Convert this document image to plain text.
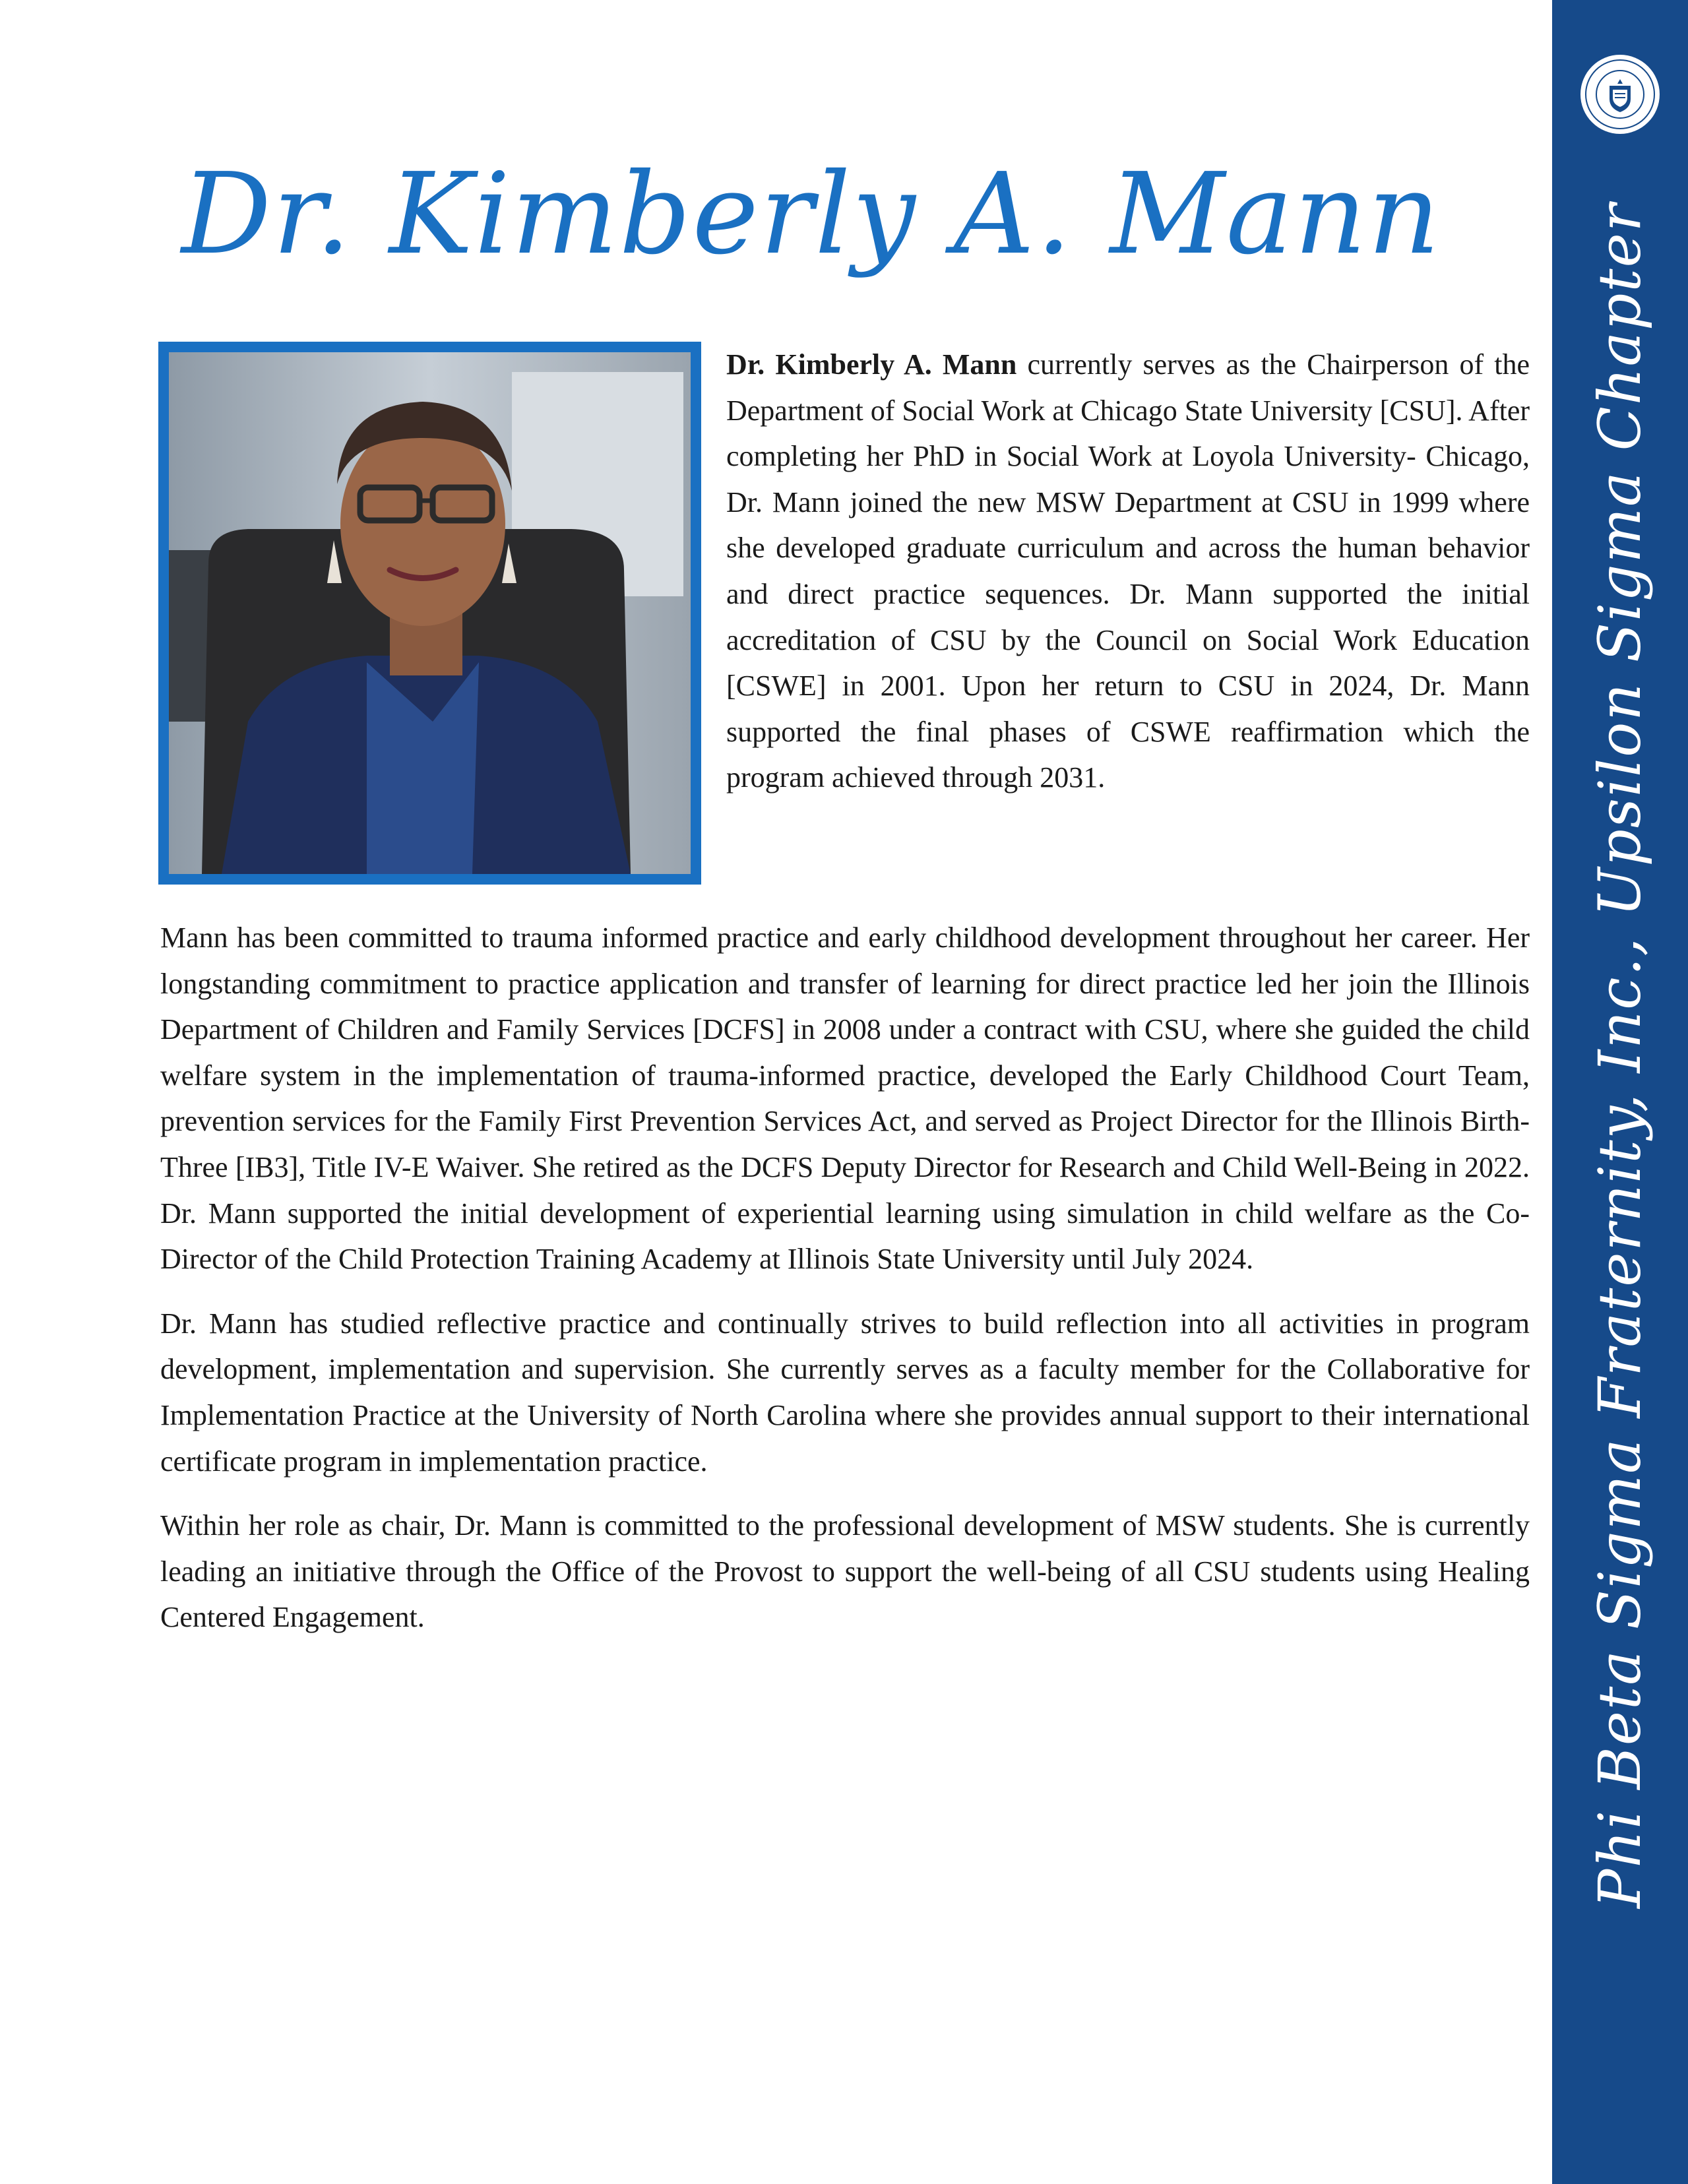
Phi Beta Sigma Fraternity, Inc., Upsilon Sigma Chapter
Dr. Kimberly A. Mann

Dr. Kimberly A. Mann currently serves as the Chairperson of the Department of Social Work at Chicago State University [CSU]. After completing her PhD in Social Work at Loyola University- Chicago, Dr. Mann joined the new MSW Department at CSU in 1999 where she developed graduate curriculum and across the human behavior and direct practice sequences. Dr. Mann supported the initial accreditation of CSU by the Council on Social Work Education [CSWE] in 2001. Upon her return to CSU in 2024, Dr. Mann supported the final phases of CSWE reaffirmation which the program achieved through 2031.

Mann has been committed to trauma informed practice and early childhood development throughout her career. Her longstanding commitment to practice application and transfer of learning for direct practice led her join the Illinois Department of Children and Family Services [DCFS] in 2008 under a contract with CSU, where she guided the child welfare system in the implementation of trauma-informed practice, developed the Early Childhood Court Team, prevention services for the Family First Prevention Services Act, and served as Project Director for the Illinois Birth- Three [IB3], Title IV-E Waiver. She retired as the DCFS Deputy Director for Research and Child Well-Being in 2022. Dr. Mann supported the initial development of experiential learning using simulation in child welfare as the Co-Director of the Child Protection Training Academy at Illinois State University until July 2024.

Dr. Mann has studied reflective practice and continually strives to build reflection into all activities in program development, implementation and supervision. She currently serves as a faculty member for the Collaborative for Implementation Practice at the University of North Carolina where she provides annual support to their international certificate program in implementation practice.

Within her role as chair, Dr. Mann is committed to the professional development of MSW students. She is currently leading an initiative through the Office of the Provost to support the well-being of all CSU students using Healing Centered Engagement.
